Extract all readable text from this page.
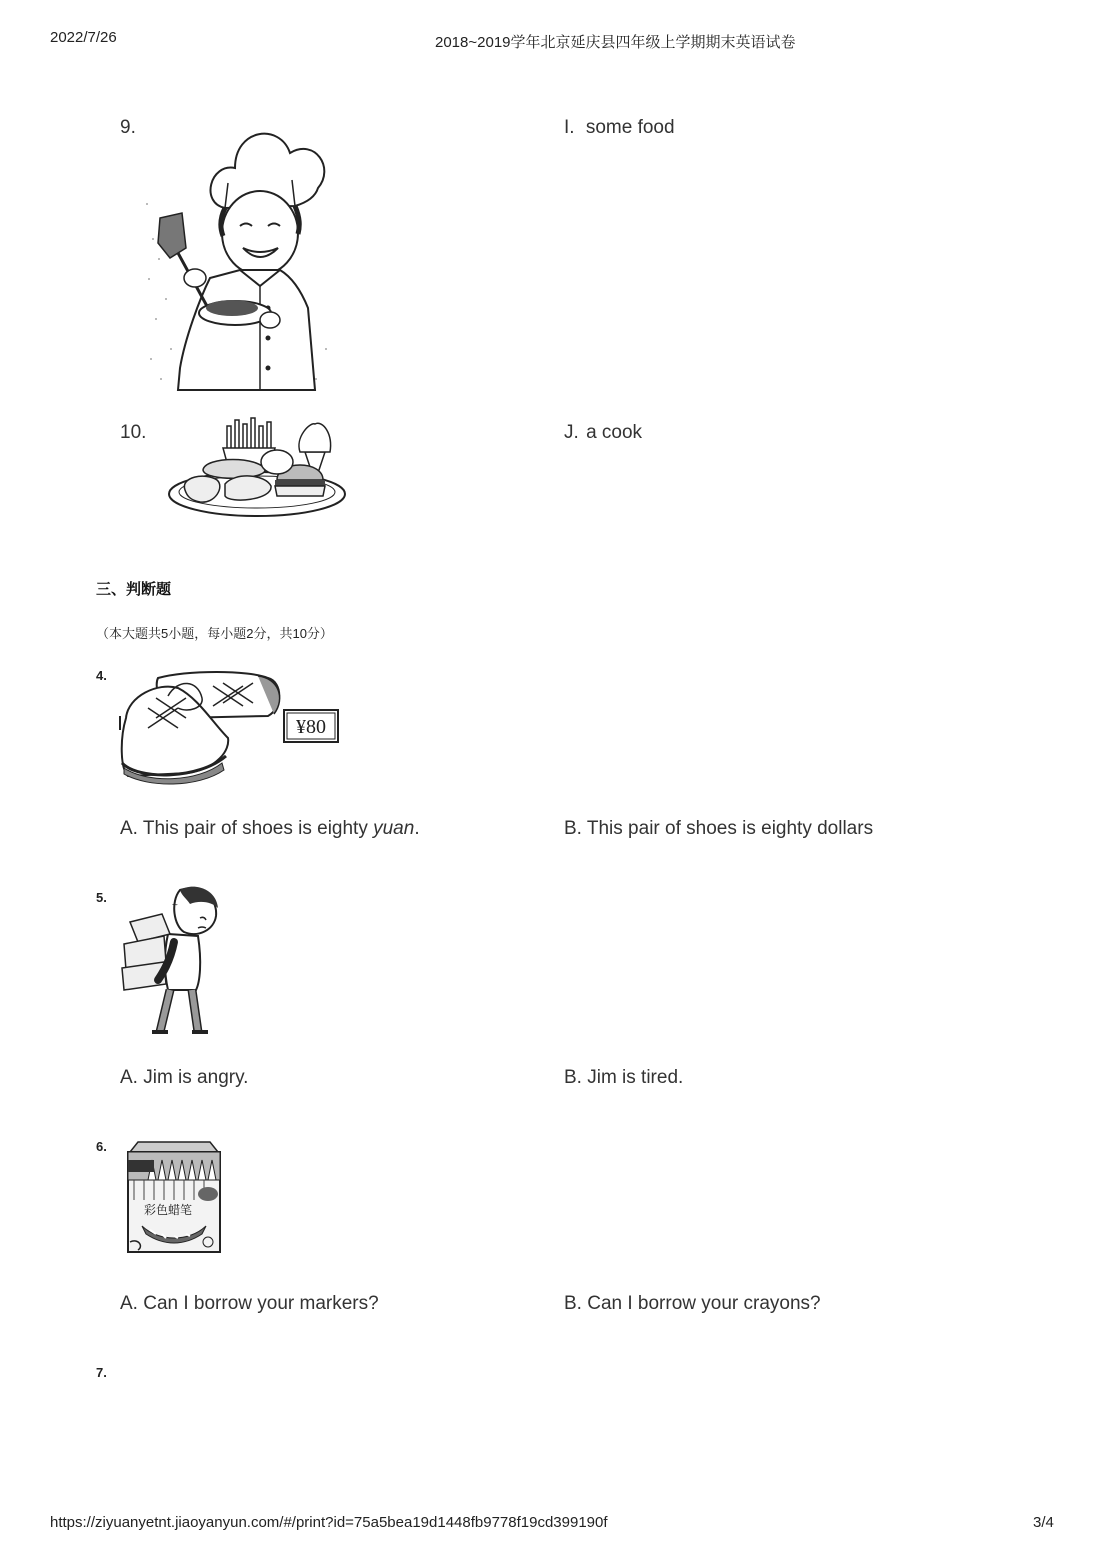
2022/7/26	2018~2019学年北京延庆县四年级上学期期末英语试卷
9.	I. some food
10.	J. a cook
三、判断题
（本大题共5小题，每小题2分，共10分）
4.
¥80
A. This pair of shoes is eighty yuan.	B. This pair of shoes is eighty dollars
5.
~
A. Jim is angry.	B. Jim is tired.
6.
彩色蜡笔
A. Can I borrow your markers?	B. Can I borrow your crayons?
7.
https://ziyuanyetnt.jiaoyanyun.com/#/print?id=75a5bea19d1448fb9778f19cd399190f	3/4
